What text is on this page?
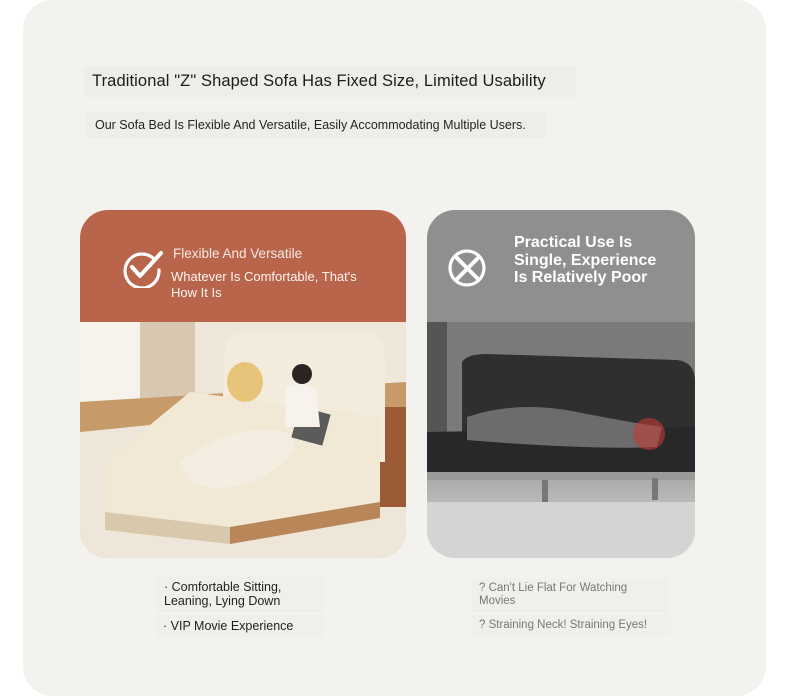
Traditional "Z" Shaped Sofa Has Fixed Size, Limited Usability
Our Sofa Bed Is Flexible And Versatile, Easily Accommodating Multiple Users.
Flexible And Versatile
Whatever Is Comfortable, That's How It Is
Practical Use Is Single, Experience Is Relatively Poor
· Comfortable Sitting, Leaning, Lying Down
· VIP Movie Experience
? Can't Lie Flat For Watching Movies
? Straining Neck! Straining Eyes!
